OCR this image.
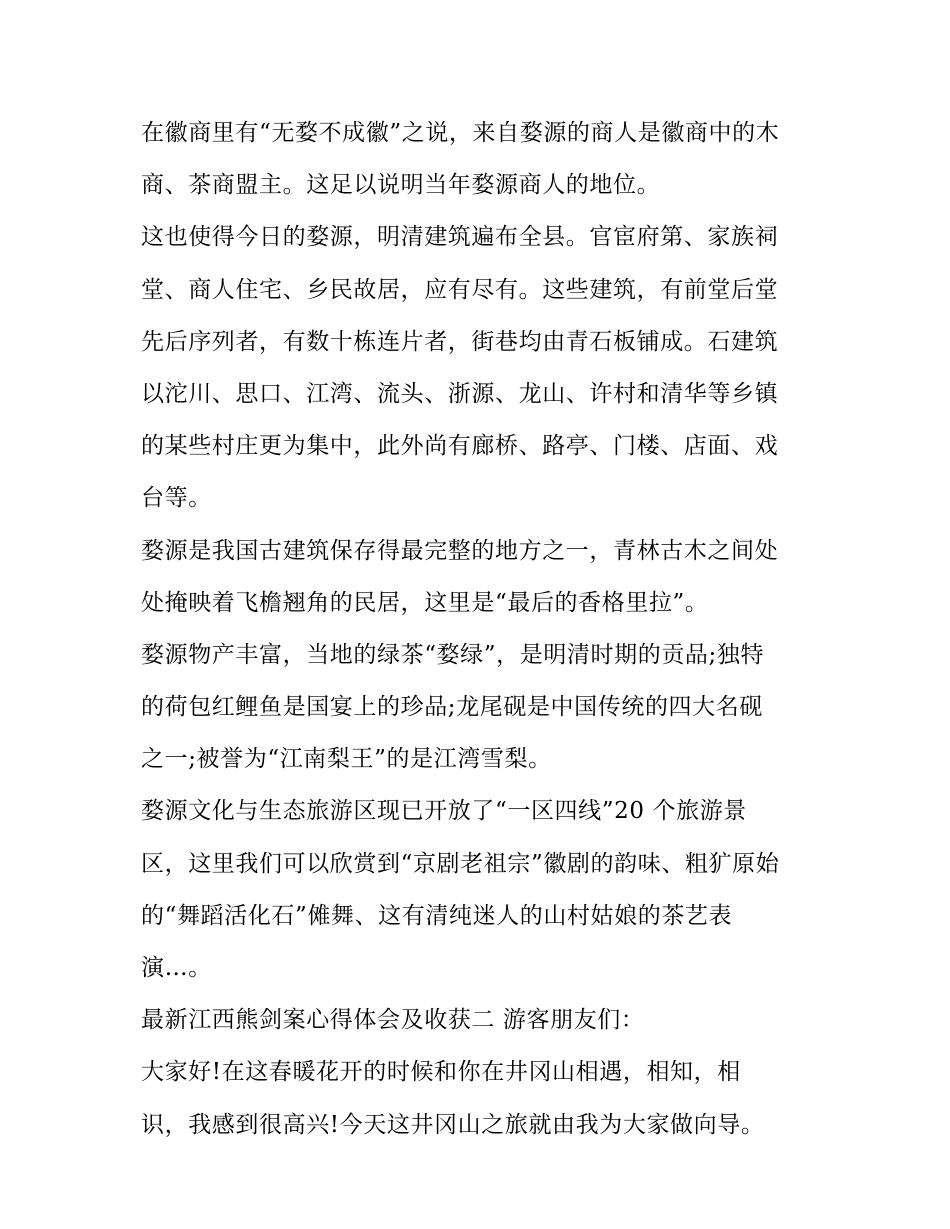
在徽商里有“无婺不成徽”之说，来自婺源的商人是徽商中的木
商、茶商盟主。这足以说明当年婺源商人的地位。
这也使得今日的婺源，明清建筑遍布全县。官宦府第、家族祠
堂、商人住宅、乡民故居，应有尽有。这些建筑，有前堂后堂
先后序列者，有数十栋连片者，街巷均由青石板铺成。石建筑
以沱川、思口、江湾、流头、浙源、龙山、许村和清华等乡镇
的某些村庄更为集中，此外尚有廊桥、路亭、门楼、店面、戏
台等。
婺源是我国古建筑保存得最完整的地方之一，青林古木之间处
处掩映着飞檐翘角的民居，这里是“最后的香格里拉”。
婺源物产丰富，当地的绿茶“婺绿”，是明清时期的贡品;独特
的荷包红鲤鱼是国宴上的珍品;龙尾砚是中国传统的四大名砚
之一;被誉为“江南梨王”的是江湾雪梨。
婺源文化与生态旅游区现已开放了“一区四线”20 个旅游景
区，这里我们可以欣赏到“京剧老祖宗”徽剧的韵味、粗犷原始
的“舞蹈活化石”傩舞、这有清纯迷人的山村姑娘的茶艺表
演…。
最新江西熊剑案心得体会及收获二 游客朋友们：
大家好!在这春暖花开的时候和你在井冈山相遇，相知，相
识，我感到很高兴!今天这井冈山之旅就由我为大家做向导。
